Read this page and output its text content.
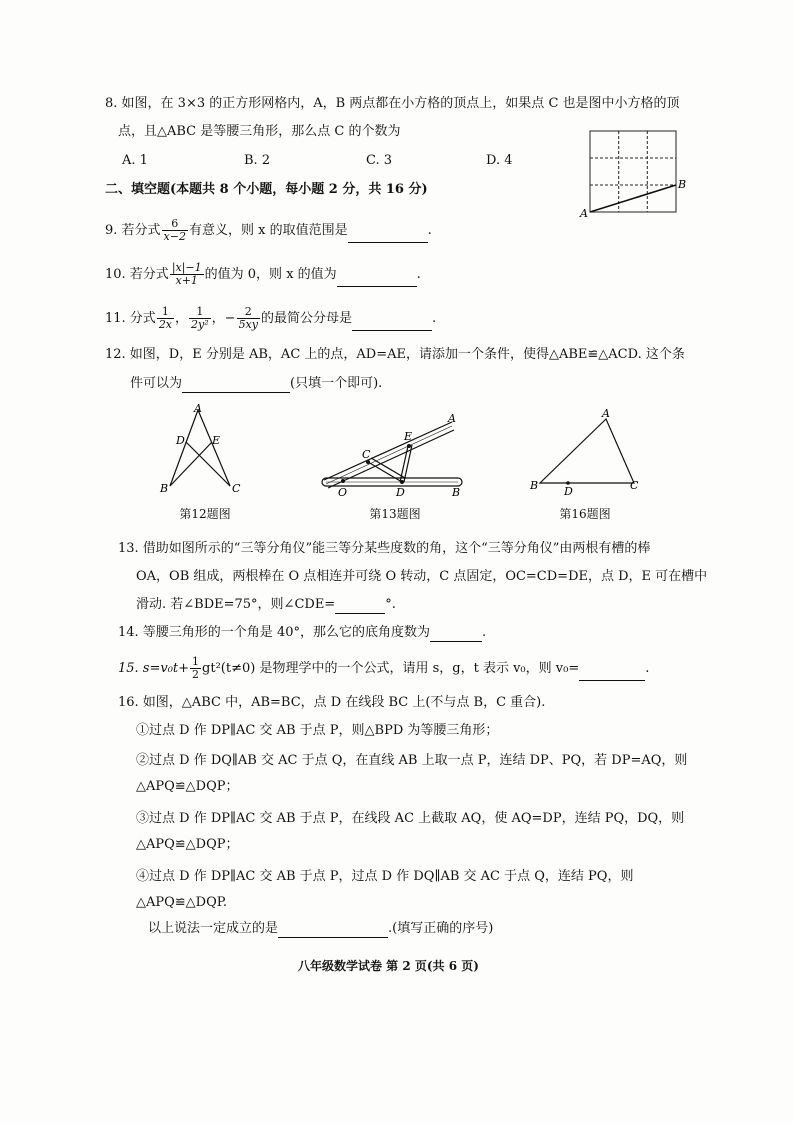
8. 如图，在 3×3 的正方形网格内，A，B 两点都在小方格的顶点上，如果点 C 也是图中小方格的顶
点，且△ABC 是等腰三角形，那么点 C 的个数为
A. 1	B. 2	C. 3	D. 4
A
B
二、填空题(本题共 8 个小题，每小题 2 分，共 16 分)
9. 若分式 $\frac{6}{x-2}$ 有意义，则 x 的取值范围是	.
10. 若分式 $\frac{|x|-1}{x+1}$ 的值为 0，则 x 的值为	.
11. 分式 $\frac{1}{2x}$ ， $\frac{1}{\text{2y²}}$ ，− $\frac{2}{5xy}$ 的最简公分母是	.
12. 如图，D，E 分别是 AB，AC 上的点，AD=AE，请添加一个条件，使得△ABE≌△ACD. 这个条
件可以为	(只填一个即可).
A
D E
B	C
A
E
C
O	D	B
A
B D	C
第12题图	第13题图	第16题图
13. 借助如图所示的“三等分角仪”能三等分某些度数的角，这个“三等分角仪”由两根有槽的棒
OA，OB 组成，两根棒在 O 点相连并可绕 O 转动，C 点固定，OC=CD=DE，点 D，E 可在槽中
滑动. 若∠BDE=75°，则∠CDE=	°.
14. 等腰三角形的一个角是 40°，那么它的底角度数为	.
15. $s=v_0t+ \frac{1}{2} gt^2(t\ne 0)$ 是物理学中的一个公式，请用 s，g，t 表示 v₀，则 v₀=	.
16. 如图，△ABC 中，AB=BC，点 D 在线段 BC 上(不与点 B，C 重合).
①过点 D 作 DP∥AC 交 AB 于点 P，则△BPD 为等腰三角形；
②过点 D 作 DQ∥AB 交 AC 于点 Q，在直线 AB 上取一点 P，连结 DP、PQ，若 DP=AQ，则
△APQ≌△DQP；
③过点 D 作 DP∥AC 交 AB 于点 P，在线段 AC 上截取 AQ，使 AQ=DP，连结 PQ，DQ，则
△APQ≌△DQP；
④过点 D 作 DP∥AC 交 AB 于点 P，过点 D 作 DQ∥AB 交 AC 于点 Q，连结 PQ，则
△APQ≌△DQP.
以上说法一定成立的是	.(填写正确的序号)
八年级数学试卷 第 2 页(共 6 页)
